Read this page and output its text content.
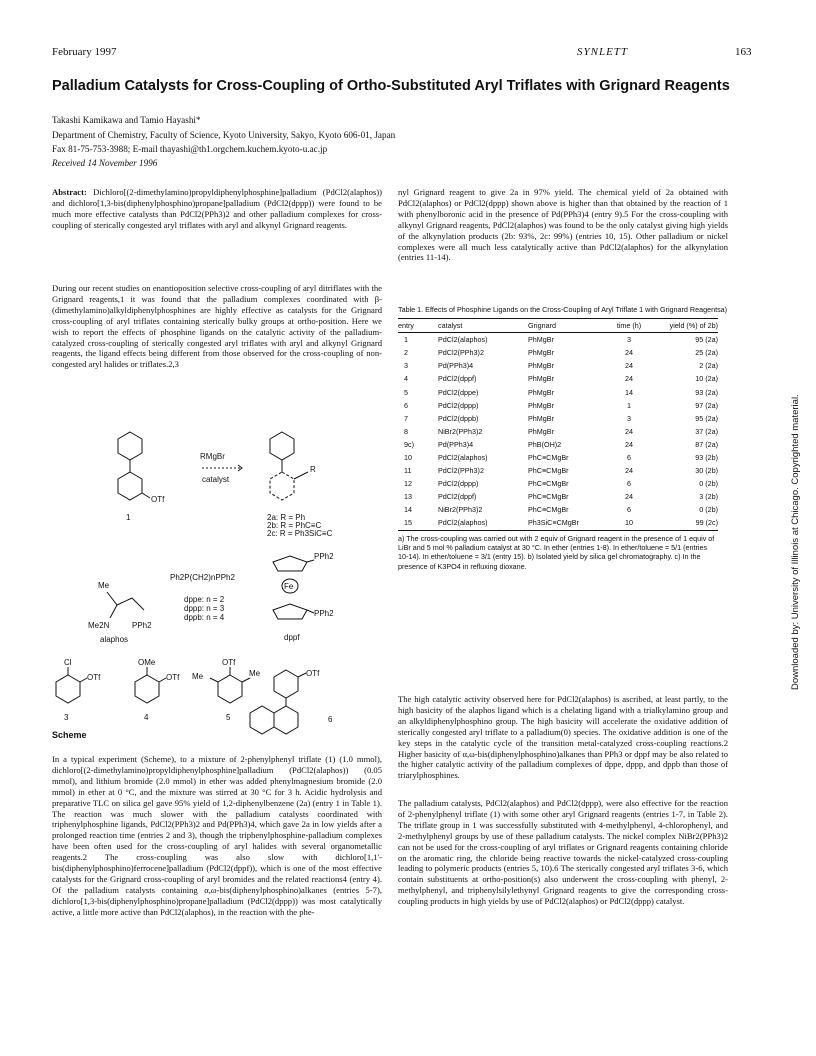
February 1997	SYNLETT	163
Palladium Catalysts for Cross-Coupling of Ortho-Substituted Aryl Triflates with Grignard Reagents
Takashi Kamikawa and Tamio Hayashi*
Department of Chemistry, Faculty of Science, Kyoto University, Sakyo, Kyoto 606-01, Japan
Fax 81-75-753-3988; E-mail thayashi@th1.orgchem.kuchem.kyoto-u.ac.jp
Received 14 November 1996

Abstract: Dichloro[(2-dimethylamino)propyldiphenylphosphine]palladium (PdCl2(alaphos)) and dichloro[1,3-bis(diphenylphosphino)propane]palladium (PdCl2(dppp)) were found to be much more effective catalysts than PdCl2(PPh3)2 and other palladium complexes for cross-coupling of sterically congested aryl triflates with aryl and alkynyl Grignard reagents.

During our recent studies on enantioposition selective cross-coupling of aryl ditriflates with the Grignard reagents,1 it was found that the palladium complexes coordinated with β-(dimethylamino)alkyldiphenylphosphines are highly effective as catalysts for the Grignard cross-coupling of aryl triflates containing sterically bulky groups at ortho-position. Here we wish to report the effects of phosphine ligands on the catalytic activity of the palladium-catalyzed cross-coupling of sterically congested aryl triflates with aryl and alkynyl Grignard reagents, the ligand effects being different from those observed for the cross-coupling of non-congested aryl halides or triflates.2,3

OTf
RMgBr
catalyst
R
1	2a: R = Ph
2b: R = PhC≡C
2c: R = Ph3SiC≡C
Me
Me2N	PPh2
alaphos
Ph2P(CH2)nPPh2
dppe: n = 2
dppp: n = 3
dppb: n = 4
Fe
PPh2
PPh2
dppf
Cl
OTf
OMe
OTf
OTf
Me	Me	OTf
3	4	5	6
Scheme

In a typical experiment (Scheme), to a mixture of 2-phenylphenyl triflate (1) (1.0 mmol), dichloro[(2-dimethylamino)propyldiphenylphosphine]palladium (PdCl2(alaphos)) (0.05 mmol), and lithium bromide (2.0 mmol) in ether was added phenylmagnesium bromide (2.0 mmol) in ether at 0 °C, and the mixture was stirred at 30 °C for 3 h. Acidic hydrolysis and preparative TLC on silica gel gave 95% yield of 1,2-diphenylbenzene (2a) (entry 1 in Table 1). The reaction was much slower with the palladium catalysts coordinated with triphenylphosphine ligands, PdCl2(PPh3)2 and Pd(PPh3)4, which gave 2a in low yields after a prolonged reaction time (entries 2 and 3), though the triphenylphosphine-palladium complexes have been often used for the cross-coupling of aryl halides with several organometallic reagents.2 The cross-coupling was also slow with dichloro[1,1'-bis(diphenylphosphino)ferrocene]palladium (PdCl2(dppf)), which is one of the most effective catalysts for the Grignard cross-coupling of aryl bromides and the related reactions4 (entry 4). Of the palladium catalysts containing α,ω-bis(diphenylphosphino)alkanes (entries 5-7), dichloro[1,3-bis(diphenylphosphino)propane]palladium (PdCl2(dppp)) was most catalytically active, a little more active than PdCl2(alaphos), in the reaction with the phe-

nyl Grignard reagent to give 2a in 97% yield. The chemical yield of 2a obtained with PdCl2(alaphos) or PdCl2(dppp) shown above is higher than that obtained by the reaction of 1 with phenylboronic acid in the presence of Pd(PPh3)4 (entry 9).5 For the cross-coupling with alkynyl Grignard reagents, PdCl2(alaphos) was found to be the only catalyst giving high yields of the alkynylation products (2b: 93%, 2c: 99%) (entries 10, 15). Other palladium or nickel complexes were all much less catalytically active than PdCl2(alaphos) for the alkynylation (entries 11-14).

Table 1. Effects of Phosphine Ligands on the Cross-Coupling of Aryl Triflate 1 with Grignard Reagentsa)
entry	catalyst	Grignard	time (h)	yield (%) of 2b)
1	PdCl2(alaphos)	PhMgBr	3	95 (2a)
2	PdCl2(PPh3)2	PhMgBr	24	25 (2a)
3	Pd(PPh3)4	PhMgBr	24	2 (2a)
4	PdCl2(dppf)	PhMgBr	24	10 (2a)
5	PdCl2(dppe)	PhMgBr	14	93 (2a)
6	PdCl2(dppp)	PhMgBr	1	97 (2a)
7	PdCl2(dppb)	PhMgBr	3	95 (2a)
8	NiBr2(PPh3)2	PhMgBr	24	37 (2a)
9c)	Pd(PPh3)4	PhB(OH)2	24	87 (2a)
10	PdCl2(alaphos)	PhC≡CMgBr	6	93 (2b)
11	PdCl2(PPh3)2	PhC≡CMgBr	24	30 (2b)
12	PdCl2(dppp)	PhC≡CMgBr	6	0 (2b)
13	PdCl2(dppf)	PhC≡CMgBr	24	3 (2b)
14	NiBr2(PPh3)2	PhC≡CMgBr	6	0 (2b)
15	PdCl2(alaphos)	Ph3SiC≡CMgBr	10	99 (2c)
a) The cross-coupling was carried out with 2 equiv of Grignard reagent in the presence of 1 equiv of LiBr and 5 mol % palladium catalyst at 30 °C. In ether (entries 1-8). In ether/toluene = 5/1 (entries 10-14). In ether/toluene = 3/1 (entry 15). b) Isolated yield by silica gel chromatography. c) In the presence of K3PO4 in refluxing dioxane.

The high catalytic activity observed here for PdCl2(alaphos) is ascribed, at least partly, to the high basicity of the alaphos ligand which is a chelating ligand with a trialkylamino group and an alkyldiphenylphosphino group. The high basicity will accelerate the oxidative addition of sterically congested aryl triflate to a palladium(0) species. The oxidative addition is one of the key steps in the catalytic cycle of the transition metal-catalyzed cross-coupling reactions.2 Higher basicity of α,ω-bis(diphenylphosphino)alkanes than PPh3 or dppf may be also related to the higher catalytic activity of the palladium complexes of dppe, dppp, and dppb than those of triarylphosphines.

The palladium catalysts, PdCl2(alaphos) and PdCl2(dppp), were also effective for the reaction of 2-phenylphenyl triflate (1) with some other aryl Grignard reagents (entries 1-7, in Table 2). The triflate group in 1 was successfully substituted with 4-methylphenyl, 4-chlorophenyl, and 2-methylphenyl groups by use of these palladium catalysts. The nickel complex NiBr2(PPh3)2 can not be used for the cross-coupling of aryl triflates or Grignard reagents containing chloride on the aromatic ring, the chloride being reactive towards the nickel-catalyzed cross-coupling leading to polymeric products (entries 5, 10).6 The sterically congested aryl triflates 3-6, which contain substituents at ortho-position(s) also underwent the cross-coupling with phenyl, 2-methylphenyl, and triphenylsilylethynyl Grignard reagents to give the corresponding cross-coupling products in high yields by use of PdCl2(alaphos) or PdCl2(dppp) catalyst.

Downloaded by: University of Illinois at Chicago. Copyrighted material.
